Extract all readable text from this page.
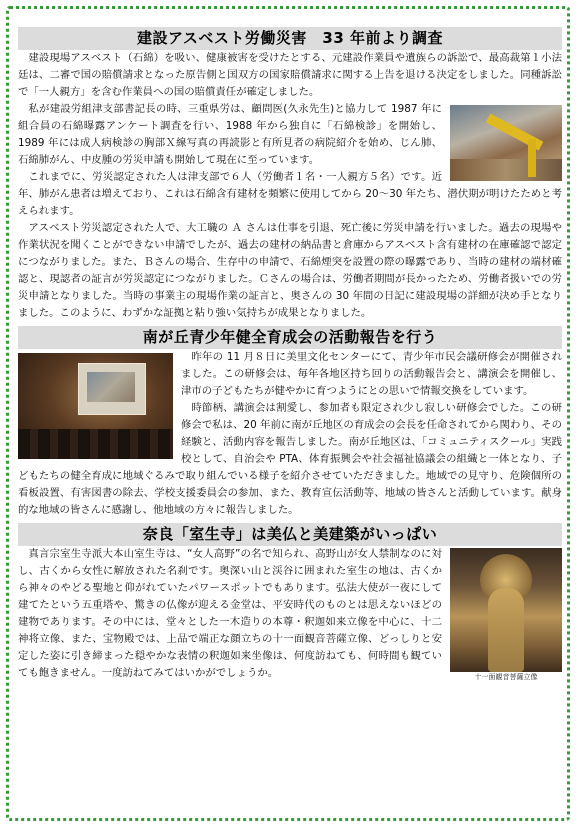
建設アスベスト労働災害　33 年前より調査

建設現場アスベスト（石綿）を吸い、健康被害を受けたとする、元建設作業員や遺族らの訴訟で、最高裁第１小法廷は、二審で国の賠償請求となった原告側と国双方の国家賠償請求に関する上告を退ける決定をしました。同種訴訟で「一人親方」を含む作業員への国の賠償責任が確定しました。

私が建設労組津支部書記長の時、三重県労は、顧問医(久永先生)と協力して 1987 年に組合員の石綿曝露アンケート調査を行い、1988 年から独自に「石綿検診」を開始し、1989 年には成人病検診の胸部Ｘ線写真の再読影と有所見者の病院紹介を始め、じん肺、石綿肺がん、中皮腫の労災申請も開始して現在に至っています。

これまでに、労災認定された人は津支部で６人（労働者１名・一人親方５名）です。近年、肺がん患者は増えており、これは石綿含有建材を頻繁に使用してから 20～30 年たち、潜伏期が明けたためと考えられます。

アスベスト労災認定された人で、大工職の Ａ さんは仕事を引退、死亡後に労災申請を行いました。過去の現場や作業状況を聞くことができない申請でしたが、過去の建材の納品書と倉庫からアスベスト含有建材の在庫確認で認定につながりました。また、Ｂさんの場合、生存中の申請で、石綿煙突を設置の際の曝露であり、当時の建材の端材確認と、現認者の証言が労災認定につながりました。Ｃさんの場合は、労働者期間が長かったため、労働者扱いでの労災申請となりました。当時の事業主の現場作業の証言と、奥さんの 30 年間の日記に建設現場の詳細が決め手となりました。このように、わずかな証拠と粘り強い気持ちが成果となりました。

南が丘青少年健全育成会の活動報告を行う

昨年の 11 月８日に美里文化センターにて、青少年市民会議研修会が開催されました。この研修会は、毎年各地区持ち回りの活動報告会と、講演会を開催し、津市の子どもたちが健やかに育つようにとの思いで情報交換をしています。

時節柄、講演会は割愛し、参加者も限定され少し寂しい研修会でした。この研修会で私は、20 年前に南が丘地区の育成会の会長を任命されてから関わり、その経験と、活動内容を報告しました。南が丘地区は、「コミュニティスクール」実践校として、自治会や PTA、体育振興会や社会福祉協議会の組織と一体となり、子どもたちの健全育成に地域ぐるみで取り組んでいる様子を紹介させていただきました。地域での見守り、危険個所の看板設置、有害図書の除去、学校支援委員会の参加、また、教育宣伝活動等、地域の皆さんと活動しています。献身的な地域の皆さんに感謝し、他地域の方々に報告しました。

奈良「室生寺」は美仏と美建築がいっぱい
十一面観音菩薩立像

真言宗室生寺派大本山室生寺は、“女人高野”の名で知られ、高野山が女人禁制なのに対し、古くから女性に解放された名刹です。奥深い山と渓谷に囲まれた室生の地は、古くから神々のやどる聖地と仰がれていたパワースポットでもあります。弘法大使が一夜にして建てたという五重塔や、驚きの仏像が迎える金堂は、平安時代のものとは思えないほどの建物であります。その中には、堂々とした一木造りの本尊・釈迦如来立像を中心に、十二神将立像、また、宝物殿では、上品で端正な顔立ちの十一面観音菩薩立像、どっしりと安定した姿に引き締まった穏やかな表情の釈迦如来坐像は、何度訪ねても、何時間も観ていても飽きません。一度訪ねてみてはいかがでしょうか。
